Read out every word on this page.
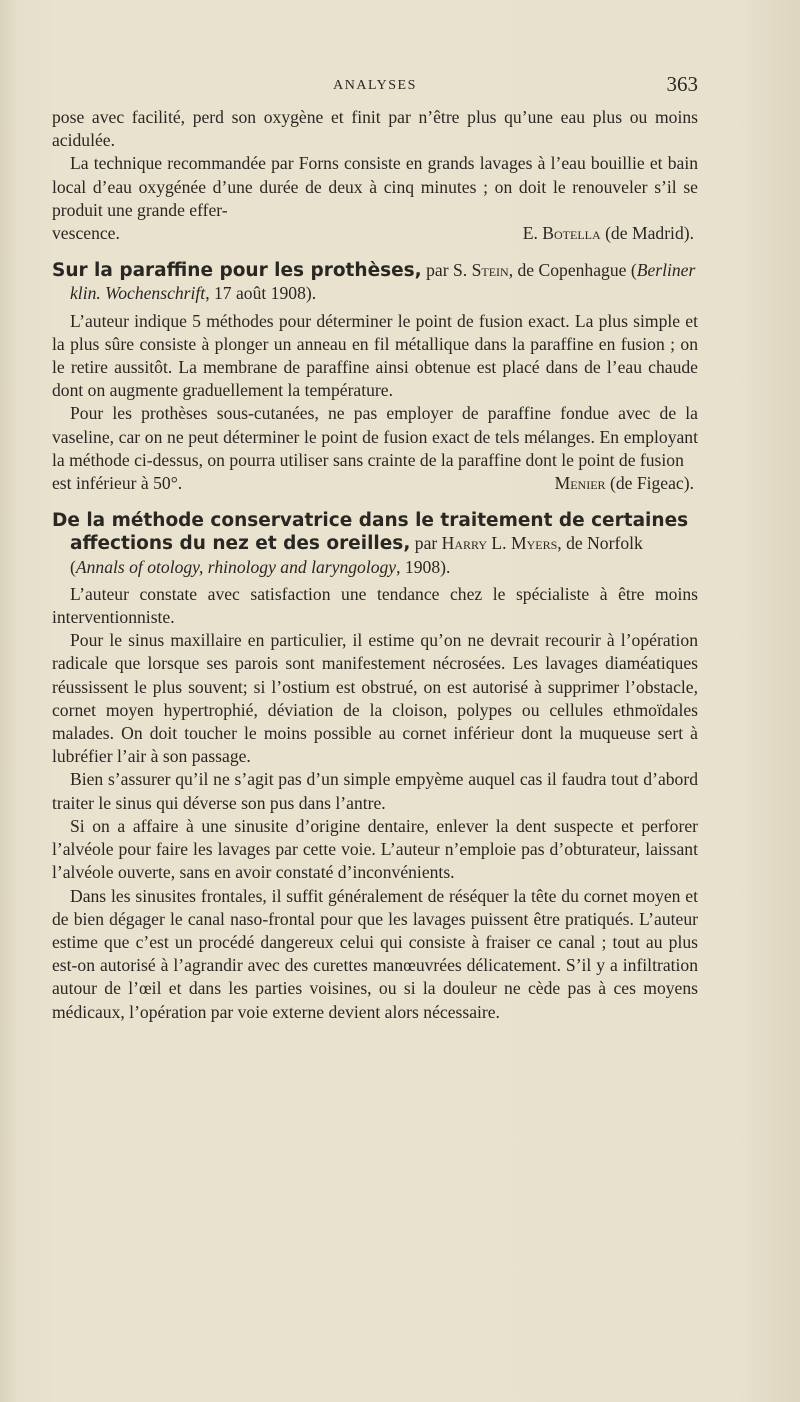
ANALYSES	363

pose avec facilité, perd son oxygène et finit par n’être plus qu’une eau plus ou moins acidulée.

La technique recommandée par Forns consiste en grands lavages à l’eau bouillie et bain local d’eau oxygénée d’une durée de deux à cinq minutes ; on doit le renouveler s’il se produit une grande effer-

vescence.	E. Botella (de Madrid).

Sur la paraffine pour les prothèses, par S. Stein, de Copenhague (Berliner klin. Wochenschrift, 17 août 1908).

L’auteur indique 5 méthodes pour déterminer le point de fusion exact. La plus simple et la plus sûre consiste à plonger un anneau en fil métallique dans la paraffine en fusion ; on le retire aussitôt. La membrane de paraffine ainsi obtenue est placé dans de l’eau chaude dont on augmente graduellement la température.

Pour les prothèses sous-cutanées, ne pas employer de paraffine fondue avec de la vaseline, car on ne peut déterminer le point de fusion exact de tels mélanges. En employant la méthode ci-dessus, on pourra utiliser sans crainte de la paraffine dont le point de fusion

est inférieur à 50°.	Menier (de Figeac).

De la méthode conservatrice dans le traitement de certaines affections du nez et des oreilles, par Harry L. Myers, de Norfolk (Annals of otology, rhinology and laryngology, 1908).

L’auteur constate avec satisfaction une tendance chez le spécialiste à être moins interventionniste.

Pour le sinus maxillaire en particulier, il estime qu’on ne devrait recourir à l’opération radicale que lorsque ses parois sont manifestement nécrosées. Les lavages diaméatiques réussissent le plus souvent; si l’ostium est obstrué, on est autorisé à supprimer l’obstacle, cornet moyen hypertrophié, déviation de la cloison, polypes ou cellules ethmoïdales malades. On doit toucher le moins possible au cornet inférieur dont la muqueuse sert à lubréfier l’air à son passage.

Bien s’assurer qu’il ne s’agit pas d’un simple empyème auquel cas il faudra tout d’abord traiter le sinus qui déverse son pus dans l’antre.

Si on a affaire à une sinusite d’origine dentaire, enlever la dent suspecte et perforer l’alvéole pour faire les lavages par cette voie. L’auteur n’emploie pas d’obturateur, laissant l’alvéole ouverte, sans en avoir constaté d’inconvénients.

Dans les sinusites frontales, il suffit généralement de réséquer la tête du cornet moyen et de bien dégager le canal naso-frontal pour que les lavages puissent être pratiqués. L’auteur estime que c’est un procédé dangereux celui qui consiste à fraiser ce canal ; tout au plus est-on autorisé à l’agrandir avec des curettes manœuvrées délicatement. S’il y a infiltration autour de l’œil et dans les parties voisines, ou si la douleur ne cède pas à ces moyens médicaux, l’opération par voie externe devient alors nécessaire.
